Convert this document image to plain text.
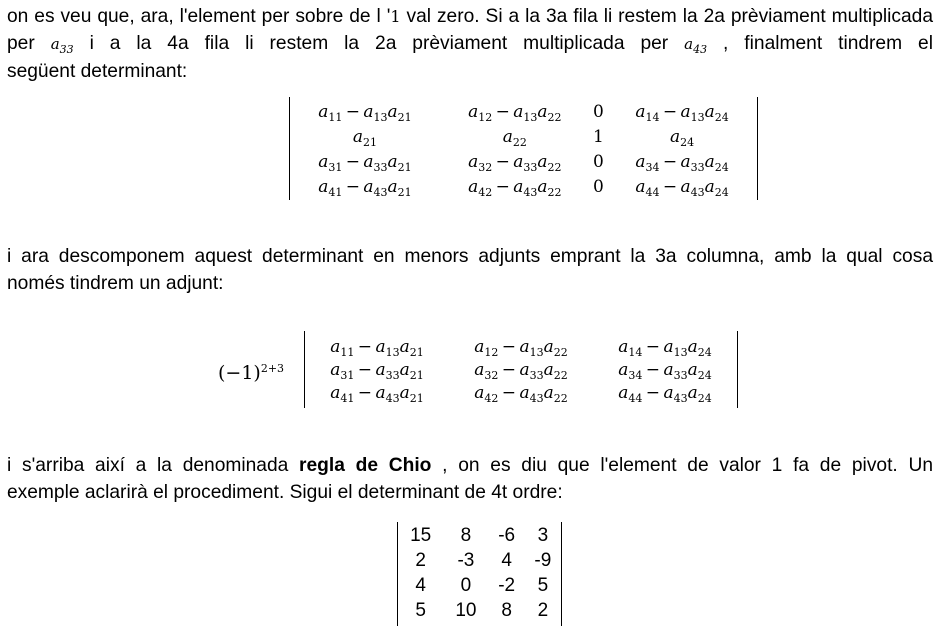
on es veu que, ara, l'element per sobre de l '1 val zero. Si a la 3a fila li restem la 2a prèviament multiplicada per $a_{33}$ i a la 4a fila li restem la 2a prèviament multiplicada per $a_{43}$ , finalment tindrem el
següent determinant:
$a_{11} - a_{13}a_{21}$	$a_{12} - a_{13}a_{22}$	0	$a_{14} - a_{13}a_{24}$
$a_{21}$	$a_{22}$	1	$a_{24}$
$a_{31} - a_{33}a_{21}$	$a_{32} - a_{33}a_{22}$	0	$a_{34} - a_{33}a_{24}$
$a_{41} - a_{43}a_{21}$	$a_{42} - a_{43}a_{22}$	0	$a_{44} - a_{43}a_{24}$
i ara descomponem aquest determinant en menors adjunts emprant la 3a columna, amb la qual cosa
només tindrem un adjunt:
$(-1)^{2+3}$
$a_{11} - a_{13}a_{21}$	$a_{12} - a_{13}a_{22}$	$a_{14} - a_{13}a_{24}$
$a_{31} - a_{33}a_{21}$	$a_{32} - a_{33}a_{22}$	$a_{34} - a_{33}a_{24}$
$a_{41} - a_{43}a_{21}$	$a_{42} - a_{43}a_{22}$	$a_{44} - a_{43}a_{24}$
i s'arriba així a la denominada regla de Chio , on es diu que l'element de valor 1 fa de pivot. Un
exemple aclarirà el procediment. Sigui el determinant de 4t ordre:
15	8	-6	3
2	-3	4	-9
4	0	-2	5
5	10	8	2
